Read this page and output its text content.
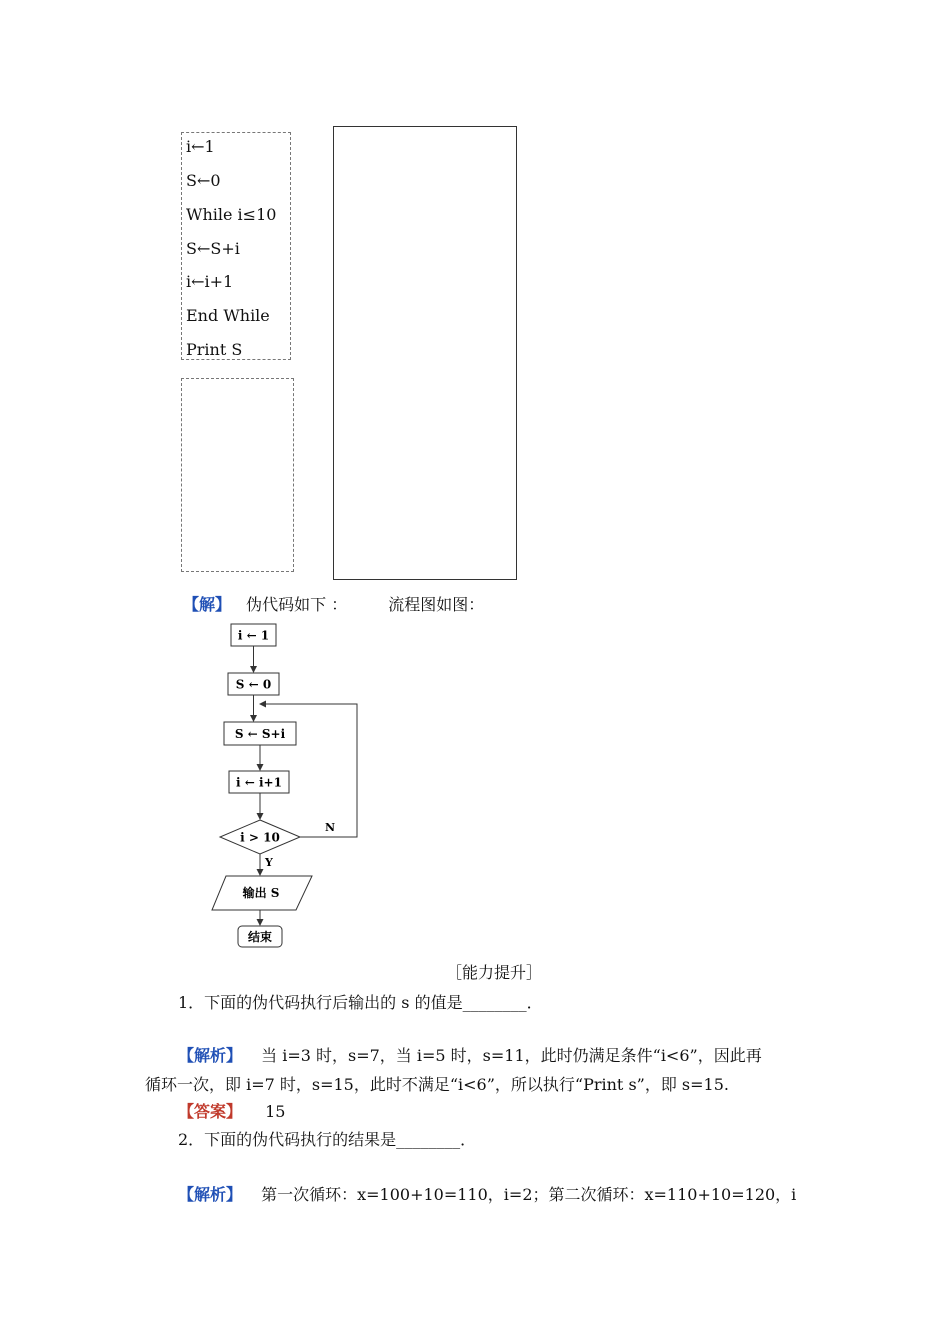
i←1
S←0
While i≤10
S←S+i
i←i+1
End While
Print S
【解】 伪代码如下 ：	流程图如图：
i ← 1
S ← 0
S ← S+i
i ← i+1
i > 10
N
Y
输出 S
结束
［能力提升］
1．下面的伪代码执行后输出的 s 的值是________．
【解析】 当 i=3 时，s=7，当 i=5 时，s=11，此时仍满足条件“i<6”，因此再
循环一次，即 i=7 时，s=15，此时不满足“i<6”，所以执行“Print s”，即 s=15.
【答案】 15
2．下面的伪代码执行的结果是________．
【解析】 第一次循环：x=100+10=110，i=2；第二次循环：x=110+10=120，i
